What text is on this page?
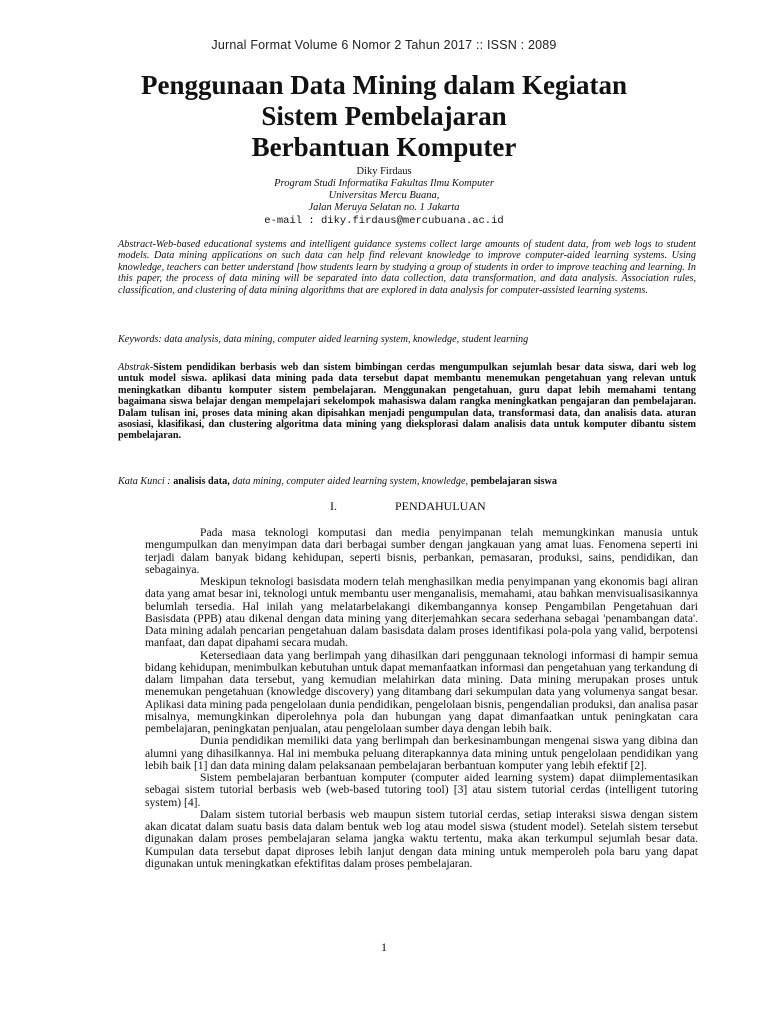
Jurnal Format Volume 6 Nomor 2 Tahun 2017 :: ISSN : 2089
Penggunaan Data Mining dalam Kegiatan
Sistem Pembelajaran
Berbantuan Komputer
Diky Firdaus
Program Studi Informatika Fakultas Ilmu Komputer
Universitas Mercu Buana,
Jalan Meruya Selatan no. 1 Jakarta
e-mail : diky.firdaus@mercubuana.ac.id
Abstract-Web-based educational systems and intelligent guidance systems collect large amounts of student data, from web logs to student models. Data mining applications on such data can help find relevant knowledge to improve computer-aided learning systems. Using knowledge, teachers can better understand [how students learn by studying a group of students in order to improve teaching and learning. In this paper, the process of data mining will be separated into data collection, data transformation, and data analysis. Association rules, classification, and clustering of data mining algorithms that are explored in data analysis for computer-assisted learning systems.
Keywords: data analysis, data mining, computer aided learning system, knowledge, student learning
Abstrak-Sistem pendidikan berbasis web dan sistem bimbingan cerdas mengumpulkan sejumlah besar data siswa, dari web log untuk model siswa. aplikasi data mining pada data tersebut dapat membantu menemukan pengetahuan yang relevan untuk meningkatkan dibantu komputer sistem pembelajaran. Menggunakan pengetahuan, guru dapat lebih memahami tentang bagaimana siswa belajar dengan mempelajari sekelompok mahasiswa dalam rangka meningkatkan pengajaran dan pembelajaran. Dalam tulisan ini, proses data mining akan dipisahkan menjadi pengumpulan data, transformasi data, dan analisis data. aturan asosiasi, klasifikasi, dan clustering algoritma data mining yang dieksplorasi dalam analisis data untuk komputer dibantu sistem pembelajaran.
Kata Kunci : analisis data, data mining, computer aided learning system, knowledge, pembelajaran siswa
I.	PENDAHULUAN

Pada masa teknologi komputasi dan media penyimpanan telah memungkinkan manusia untuk mengumpulkan dan menyimpan data dari berbagai sumber dengan jangkauan yang amat luas. Fenomena seperti ini terjadi dalam banyak bidang kehidupan, seperti bisnis, perbankan, pemasaran, produksi, sains, pendidikan, dan sebagainya.

Meskipun teknologi basisdata modern telah menghasilkan media penyimpanan yang ekonomis bagi aliran data yang amat besar ini, teknologi untuk membantu user menganalisis, memahami, atau bahkan menvisualisasikannya belumlah tersedia. Hal inilah yang melatarbelakangi dikembangannya konsep Pengambilan Pengetahuan dari Basisdata (PPB) atau dikenal dengan data mining yang diterjemahkan secara sederhana sebagai 'penambangan data'. Data mining adalah pencarian pengetahuan dalam basisdata dalam proses identifikasi pola-pola yang valid, berpotensi manfaat, dan dapat dipahami secara mudah.

Ketersediaan data yang berlimpah yang dihasilkan dari penggunaan teknologi informasi di hampir semua bidang kehidupan, menimbulkan kebutuhan untuk dapat memanfaatkan informasi dan pengetahuan yang terkandung di dalam limpahan data tersebut, yang kemudian melahirkan data mining. Data mining merupakan proses untuk menemukan pengetahuan (knowledge discovery) yang ditambang dari sekumpulan data yang volumenya sangat besar. Aplikasi data mining pada pengelolaan dunia pendidikan, pengelolaan bisnis, pengendalian produksi, dan analisa pasar misalnya, memungkinkan diperolehnya pola dan hubungan yang dapat dimanfaatkan untuk peningkatan cara pembelajaran, peningkatan penjualan, atau pengelolaan sumber daya dengan lebih baik.

Dunia pendidikan memiliki data yang berlimpah dan berkesinambungan mengenai siswa yang dibina dan alumni yang dihasilkannya. Hal ini membuka peluang diterapkannya data mining untuk pengelolaan pendidikan yang lebih baik [1] dan data mining dalam pelaksanaan pembelajaran berbantuan komputer yang lebih efektif [2].

Sistem pembelajaran berbantuan komputer (computer aided learning system) dapat diimplementasikan sebagai sistem tutorial berbasis web (web-based tutoring tool) [3] atau sistem tutorial cerdas (intelligent tutoring system) [4].

Dalam sistem tutorial berbasis web maupun sistem tutorial cerdas, setiap interaksi siswa dengan sistem akan dicatat dalam suatu basis data dalam bentuk web log atau model siswa (student model). Setelah sistem tersebut digunakan dalam proses pembelajaran selama jangka waktu tertentu, maka akan terkumpul sejumlah besar data. Kumpulan data tersebut dapat diproses lebih lanjut dengan data mining untuk memperoleh pola baru yang dapat digunakan untuk meningkatkan efektifitas dalam proses pembelajaran.

1
